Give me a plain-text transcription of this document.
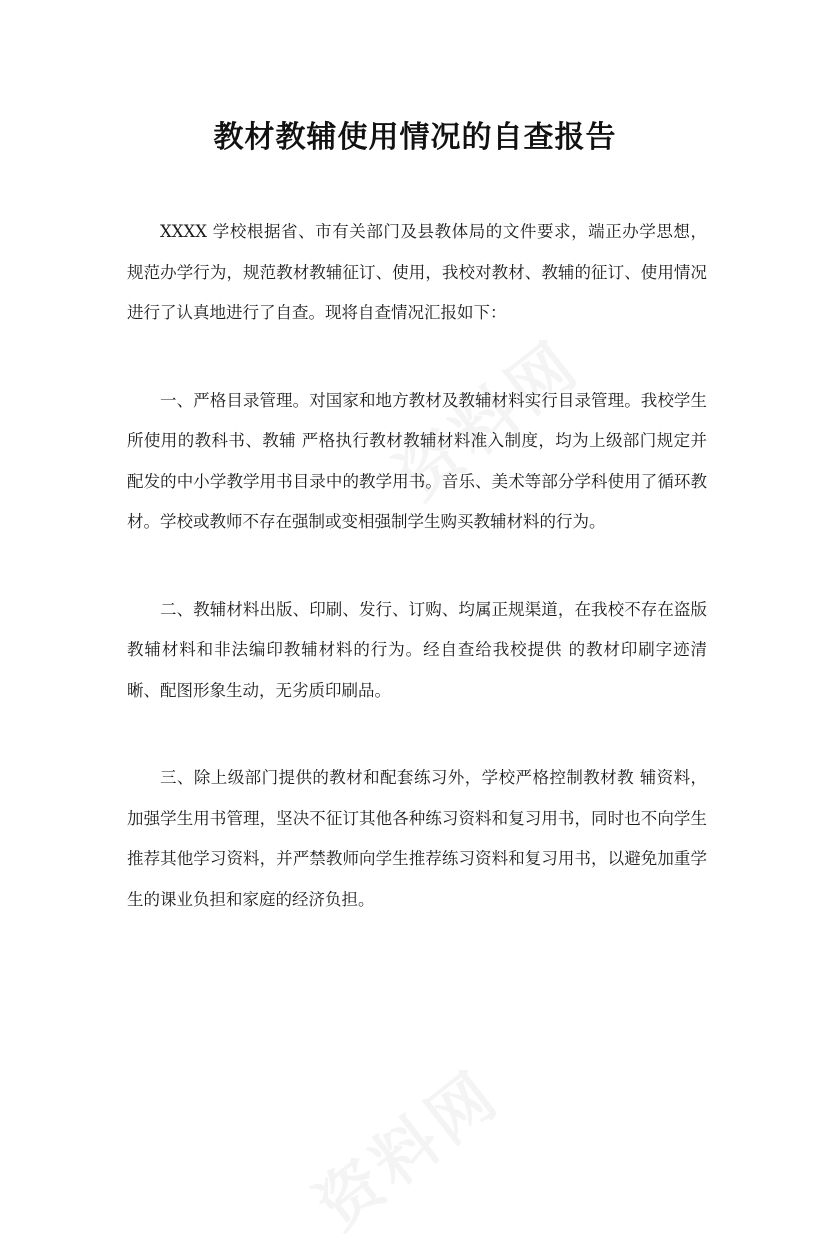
教材教辅使用情况的自查报告

XXXX 学校根据省、市有关部门及县教体局的文件要求，端正办学思想，规范办学行为，规范教材教辅征订、使用，我校对教材、教辅的征订、使用情况进行了认真地进行了自查。现将自查情况汇报如下：

一、严格目录管理。对国家和地方教材及教辅材料实行目录管理。我校学生所使用的教科书、教辅 严格执行教材教辅材料准入制度，均为上级部门规定并配发的中小学教学用书目录中的教学用书。音乐、美术等部分学科使用了循环教材。学校或教师不存在强制或变相强制学生购买教辅材料的行为。

二、教辅材料出版、印刷、发行、订购、均属正规渠道，在我校不存在盗版教辅材料和非法编印教辅材料的行为。经自查给我校提供 的教材印刷字迹清晰、配图形象生动，无劣质印刷品。

三、除上级部门提供的教材和配套练习外，学校严格控制教材教 辅资料，加强学生用书管理，坚决不征订其他各种练习资料和复习用书，同时也不向学生推荐其他学习资料，并严禁教师向学生推荐练习资料和复习用书，以避免加重学生的课业负担和家庭的经济负担。
